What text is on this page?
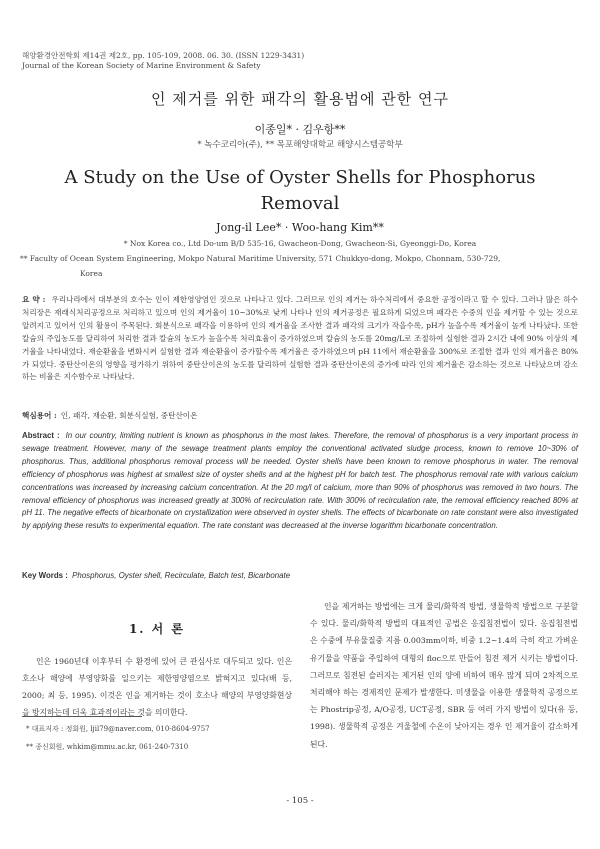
해양환경안전학회 제14권 제2호, pp. 105-109, 2008. 06. 30. (ISSN 1229-3431)
Journal of the Korean Society of Marine Environment & Safety
인 제거를 위한 패각의 활용법에 관한 연구
이종일* · 김우항**
* 녹수코리아(주), ** 목포해양대학교 해양시스템공학부
A Study on the Use of Oyster Shells for Phosphorus Removal
Jong-il Lee* · Woo-hang Kim**

* Nox Korea co., Ltd Do-um B/D 535-16, Gwacheon-Dong, Gwacheon-Si, Gyeonggi-Do, Korea

** Faculty of Ocean System Engineering, Mokpo Natural Maritime University, 571 Chukkyo-dong, Mokpo, Chonnam, 530-729,

Korea

요 약 : 우리나라에서 대부분의 호수는 인이 제한영양염인 것으로 나타나고 있다. 그러므로 인의 제거는 하수처리에서 중요한 공정이라고 할 수 있다. 그러나 많은 하수처리장은 재래식처리공정으로 처리하고 있으며 인의 제거율이 10~30%로 낮게 나타나 인의 제거공정은 필요하게 되었으며 패각은 수중의 인을 제거할 수 있는 것으로 알려지고 있어서 인의 활용이 주목된다. 회분식으로 패각을 이용하여 인의 제거율을 조사한 결과 패각의 크기가 작을수록, pH가 높을수록 제거율이 높게 나타났다. 또한 칼슘의 주입농도를 달리하여 처리한 결과 칼슘의 농도가 높을수록 처리효율이 증가하였으며 칼슘의 농도를 20mg/L로 조절하여 실험한 결과 2시간 내에 90% 이상의 제거율을 나타내었다. 재순환율을 변화시켜 실험한 결과 재순환율이 증가할수록 제거율은 증가하였으며 pH 11에서 재순환율을 300%로 조절한 결과 인의 제거율은 80%가 되었다. 중탄산이온의 영향을 평가하기 위하여 중탄산이온의 농도를 달리하여 실험한 결과 중탄산이온의 증가에 따라 인의 제거율은 감소하는 것으로 나타났으며 감소하는 비율은 지수함수로 나타났다.
핵심용어 : 인, 패각, 재순환, 회분식실험, 중탄산이온
Abstract : In our country, limiting nutrient is known as phosphorus in the most lakes. Therefore, the removal of phosphorus is a very important process in sewage treatment. However, many of the sewage treatment plants employ the conventional activated sludge process, known to remove 10~30% of phosphorus. Thus, additional phosphorus removal process will be needed. Oyster shells have been known to remove phosphorus in water. The removal efficiency of phosphorus was highest at smallest size of oyster shells and at the highest pH for batch test. The phosphorus removal rate with various calcium concentrations was increased by increasing calcium concentration. At the 20 mg/l of calcium, more than 90% of phosphorus was removed in two hours. The removal efficiency of phosphorus was increased greatly at 300% of recirculation rate. With 300% of recirculation rate, the removal efficiency reached 80% at pH 11. The negative effects of bicarbonate on crystallization were observed in oyster shells. The effects of bicarbonate on rate constant were also investigated by applying these results to experimental equation. The rate constant was decreased at the inverse logarithm bicarbonate concentration.
Key Words : Phosphorus, Oyster shell, Recirculate, Batch test, Bicarbonate
1. 서 론
인은 1960년대 이후부터 수 환경에 있어 큰 관심사로 대두되고 있다. 인은 호소나 해양에 부영양화를 일으키는 제한영양염으로 밝혀지고 있다(배 등, 2000; 최 등, 1995). 이것은 인을 제거하는 것이 호소나 해양의 부영양화현상을 방지하는데 더욱 효과적이라는 것을 의미한다.
인을 제거하는 방법에는 크게 물리/화학적 방법, 생물학적 방법으로 구분할 수 있다. 물리/화학적 방법의 대표적인 공법은 응집침전법이 있다. 응집침전법은 수중에 부유물질중 지름 0.003mm이하, 비중 1.2~1.4의 극히 작고 가벼운 유기물을 약품을 주입하여 대형의 floc으로 만들어 침전 제거 시키는 방법이다. 그러므로 침전된 슬러지는 제거된 인의 양에 비하여 매우 많게 되며 2차적으로 처리해야 하는 경제적인 문제가 발생한다. 미생물을 이용한 생물학적 공정으로는 Phostrip공정, A/O공정, UCT공정, SBR 등 여러 가지 방법이 있다(유 등, 1998). 생물학적 공정은 겨울철에 수온이 낮아지는 경우 인 제거율이 감소하게 된다.
* 대표저자 : 정회원, ljil79@naver.com, 010-8604-9757
** 종신회원, whkim@mmu.ac.kr, 061-240-7310
- 105 -
